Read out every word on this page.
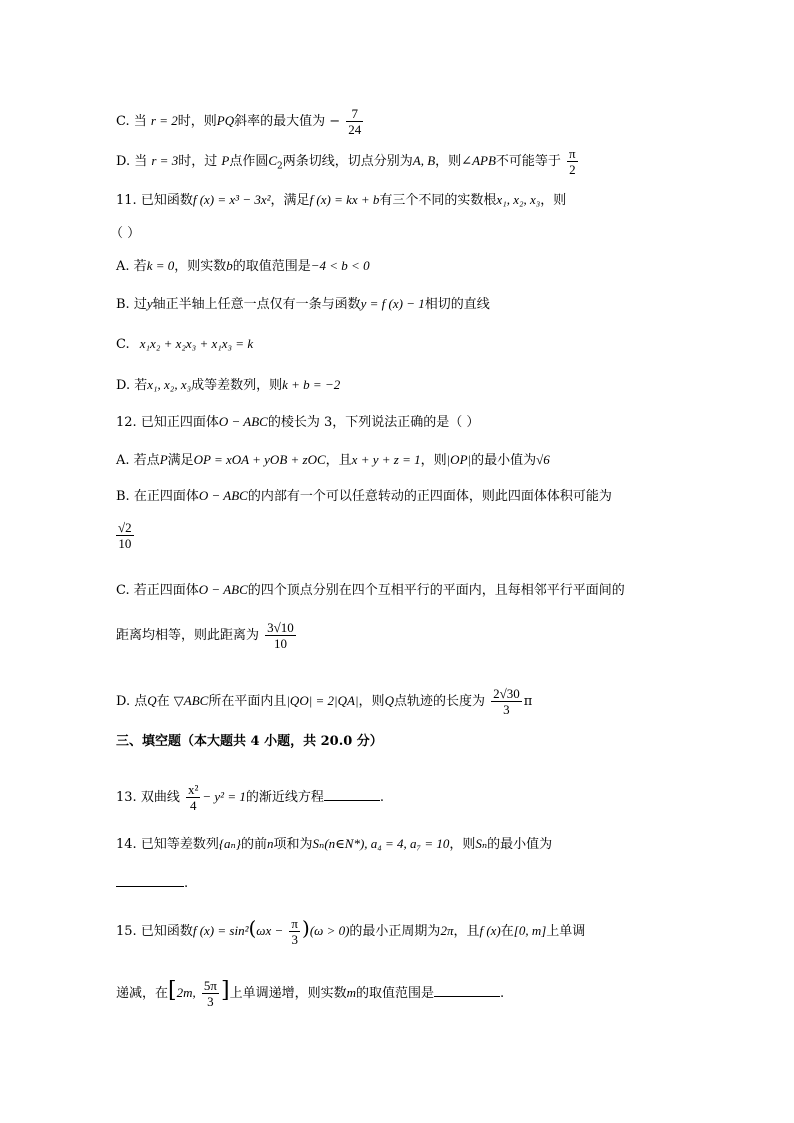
C. 当 r = 2时，则PQ斜率的最大值为 − $\frac{7}{24}$
D. 当 r = 3时，过 P点作圆$C_2$两条切线，切点分别为A, B，则∠APB不可能等于 $\frac{\pi}{2}$
11. 已知函数f (x) = x³ − 3x²，满足f (x) = kx + b有三个不同的实数根x₁, x₂, x₃，则
（ ）
A. 若k = 0，则实数b的取值范围是−4 < b < 0
B. 过y轴正半轴上任意一点仅有一条与函数y = f (x) − 1相切的直线
C. x₁x₂ + x₂x₃ + x₁x₃ = k
D. 若x₁, x₂, x₃成等差数列，则k + b = −2
12. 已知正四面体O − ABC的棱长为 3，下列说法正确的是（ ）
A. 若点P满足OP = xOA + yOB + zOC，且x + y + z = 1，则|OP|的最小值为√6
B. 在正四面体O − ABC的内部有一个可以任意转动的正四面体，则此四面体体积可能为
$\frac{√2}{10}$
C. 若正四面体O − ABC的四个顶点分别在四个互相平行的平面内，且每相邻平行平面间的
距离均相等，则此距离为 $\frac{3√10}{10}$
D. 点Q在 ▽ABC所在平面内且|QO| = 2|QA|，则Q点轨迹的长度为 $\frac{2√30}{3}$ π
三、填空题（本大题共 4 小题，共 20.0 分）
13. 双曲线 $\frac{\text{x²}}{4} - y^2 = 1$的渐近线方程	.
14. 已知等差数列{aₙ}的前n项和为Sₙ(n∈N*), a₄ = 4, a₇ = 10，则Sₙ的最小值为
.
15. 已知函数f $(x) = \sin^2(\omega x - \frac{\pi}{3} )(\omega > 0)$的最小正周期为2π，且f (x)在[0, m]上单调
递减，在[2m, $\frac{5\pi}{3}$ ]上单调递增，则实数m的取值范围是	.
